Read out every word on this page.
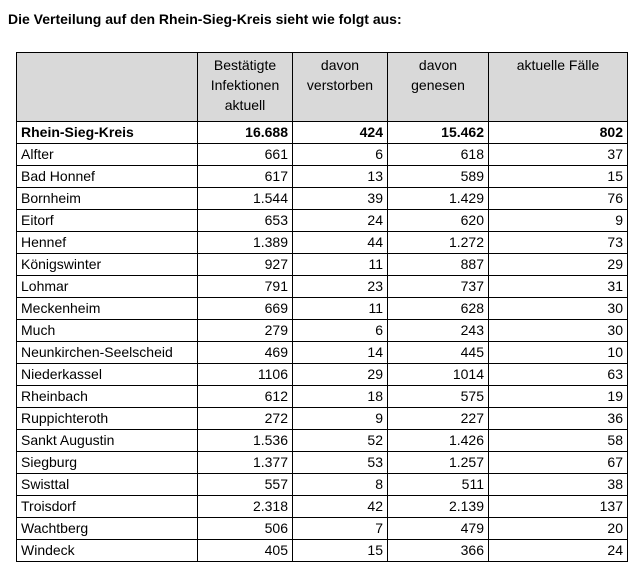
Die Verteilung auf den Rhein-Sieg-Kreis sieht wie folgt aus:
	Bestätigte Infektionen aktuell	davon verstorben	davon genesen	aktuelle Fälle
Rhein-Sieg-Kreis	16.688	424	15.462	802
Alfter	661	6	618	37
Bad Honnef	617	13	589	15
Bornheim	1.544	39	1.429	76
Eitorf	653	24	620	9
Hennef	1.389	44	1.272	73
Königswinter	927	11	887	29
Lohmar	791	23	737	31
Meckenheim	669	11	628	30
Much	279	6	243	30
Neunkirchen-Seelscheid	469	14	445	10
Niederkassel	1106	29	1014	63
Rheinbach	612	18	575	19
Ruppichteroth	272	9	227	36
Sankt Augustin	1.536	52	1.426	58
Siegburg	1.377	53	1.257	67
Swisttal	557	8	511	38
Troisdorf	2.318	42	2.139	137
Wachtberg	506	7	479	20
Windeck	405	15	366	24
